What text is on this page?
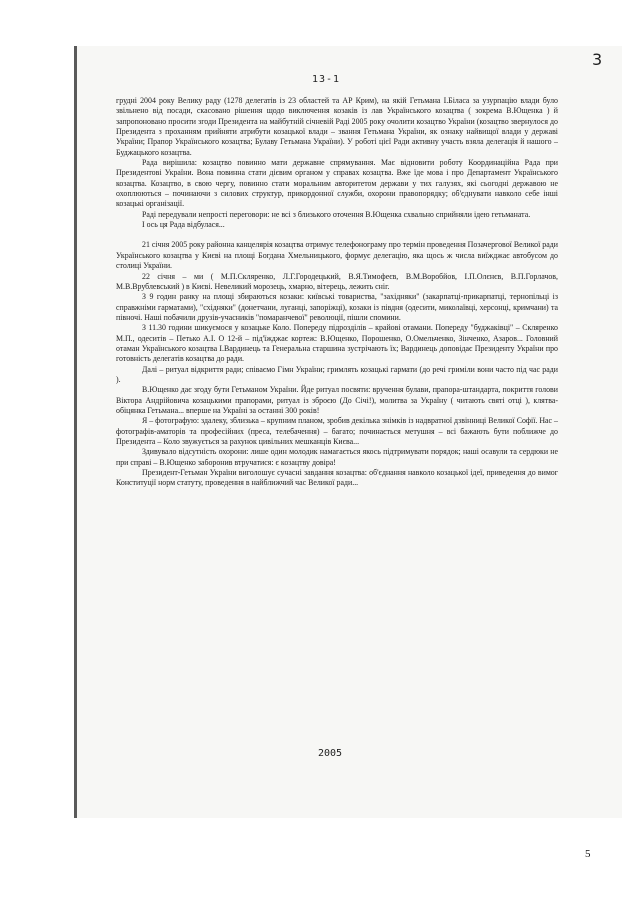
3
13-1

грудні 2004 року Велику раду (1278 делегатів із 23 областей та АР Крим), на якій Гетьмана І.Біласа за узурпацію влади було звільнено від посади, скасовано рішення щодо виключення козаків із лав Українського козацтва ( зокрема В.Ющенка ) й запропоновано просити згоди Президента на майбутній січневій Раді 2005 року очолити козацтво України (козацтво звернулося до Президента з проханням прийняти атрибути козацької влади – звання Гетьмана України, як ознаку найвищої влади у державі України; Прапор Українського козацтва; Булаву Гетьмана України). У роботі цієї Ради активну участь взяла делегація й нашого – Буджацького козацтва.

Рада вирішила: козацтво повинно мати державне спрямування. Має відновити роботу Координаційна Рада при Президентові України. Вона повинна стати дієвим органом у справах козацтва. Вже їде мова і про Департамент Українського козацтва. Козацтво, в свою чергу, повинно стати моральним авторитетом держави у тих галузях, які сьогодні державою не охоплюються – починаючи з силових структур, прикордонної служби, охорони правопорядку; об'єднувати навколо себе інші козацькі організації.

Раді передували непрості переговори: не всі з близького оточення В.Ющенка схвально сприйняли ідею гетьманата.

І ось ця Рада відбулася...

21 січня 2005 року районна канцелярія козацтва отримує телефонограму про термін проведення Позачергової Великої ради Українського козацтва у Києві на площі Богдана Хмельницького, формує делегацію, яка щось ж числа виїжджає автобусом до столиці України.

22 січня – ми ( М.П.Скляренко, Л.Г.Городецький, В.Я.Тимофеєв, В.М.Воробйов, І.П.Олєнєв, В.П.Горлачов, М.В.Врублевський ) в Києві. Невеликий морозець, хмарно, вітерець, лежить сніг.

З 9 годин ранку на площі збираються козаки: київські товариства, "західняки" (закарпатці-прикарпатці, тернопільці із справжніми гарматами), "східняки" (донетчани, луганці, запоріжці), козаки із півдня (одесити, миколаївці, херсонці, кримчани) та півночі. Наші побачили друзів-учасників "помаранчевої" революції, пішли спомини.

З 11.30 години шикуємося у козацьке Коло. Попереду підрозділів – крайові отамани. Попереду "буджаківці" – Скляренко М.П., одеситів – Петько А.І. О 12-й – під'їжджає кортеж: В.Ющенко, Порошенко, О.Омельченко, Зінченко, Азаров... Головний отаман Українського козацтва І.Вардинець та Генеральна старшина зустрічають їх; Вардинець доповідає Президенту України про готовність делегатів козацтва до ради.

Далі – ритуал відкриття ради; співаємо Гімн України; гримлять козацькі гармати (до речі гриміли вони часто під час ради ).

В.Ющенко дає згоду бути Гетьманом України. Йде ритуал посвяти: вручення булави, прапора-штандарта, покриття голови Віктора Андрійовича козацькими прапорами, ритуал із зброєю (До Січі!), молитва за Україну ( читають святі отці ), клятва-обіцянка Гетьмана... вперше на Україні за останні 300 років!

Я – фотографую: здалеку, зблизька – крупним планом, зробив декілька знімків із надвратної дзвінниці Великої Софії. Нас – фотографів-аматорів та професійних (преса, телебачення) – багато; починається метушня – всі бажають бути поближче до Президента – Коло звужується за рахунок цивільних мешканців Києва...

Здивувало відсутність охорони: лише один молодик намагається якось підтримувати порядок; наші осавули та сердюки не при справі – В.Ющенко заборонив втручатися: є козацтву довіра!

Президент-Гетьман України виголошує сучасні завдання козацтва: об'єднання навколо козацької ідеї, приведення до вимог Конституції норм статуту, проведення в найближчий час Великої ради...

2005
5
